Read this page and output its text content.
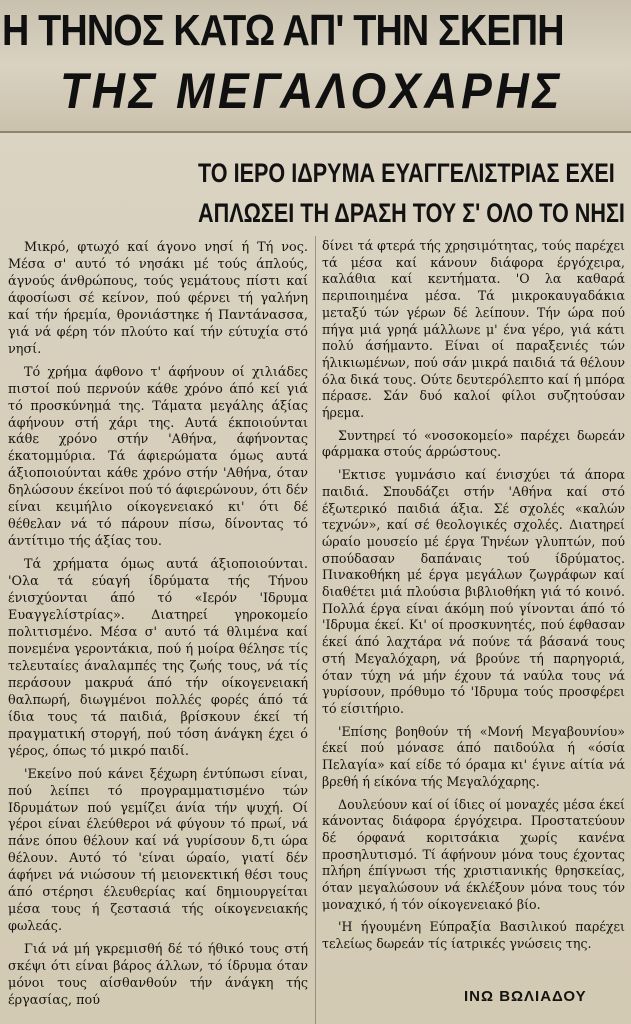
Η ΤΗΝΟΣ ΚΑΤΩ ΑΠ' ΤΗΝ ΣΚΕΠΗ
ΤΗΣ ΜΕΓΑΛΟΧΑΡΗΣ
ΤΟ ΙΕΡΟ ΙΔΡΥΜΑ ΕΥΑΓΓΕΛΙΣΤΡΙΑΣ ΕΧΕΙ
ΑΠΛΩΣΕΙ ΤΗ ΔΡΑΣΗ ΤΟΥ Σ' ΟΛΟ ΤΟ ΝΗΣΙ

Μικρό, φτωχό καί άγονο νησί ή Τή νος. Μέσα σ' αυτό τό νησάκι μέ τούς άπλούς, άγνούς άνθρώπους, τούς γεμάτους πίστι καί άφοσίωσι σέ κείνον, πού φέρνει τή γαλήνη καί τήν ήρεμία, θρονιάστηκε ή Παντάνασσα, γιά νά φέρη τόν πλούτο καί τήν εύτυχία στό νησί.

Τό χρήμα άφθονο τ' άφήνουν οί χιλιάδες πιστοί πού περνούν κάθε χρόνο άπό κεί γιά τό προσκύνημά της. Τάματα μεγάλης άξίας άφήνουν στή χάρι της. Αυτά έκποιούνται κάθε χρόνο στήν 'Αθήνα, άφήνοντας έκατομμύρια. Τά άφιερώματα όμως αυτά άξιοποιούνται κάθε χρόνο στήν 'Αθήνα, όταν δηλώσουν έκείνοι πού τό άφιερώνουν, ότι δέν είναι κειμήλιο οίκογενειακό κι' ότι δέ θέθελαν νά τό πάρουν πίσω, δίνοντας τό άντίτιμο τής άξίας του.

Τά χρήματα όμως αυτά άξιοποιούνται. 'Ολα τά εύαγή ίδρύματα τής Τήνου ένισχύονται άπό τό «Ιερόν 'Ιδρυμα Ευαγγελίστρίας». Διατηρεί γηροκομείο πολιτισμένο. Μέσα σ' αυτό τά θλιμένα καί πονεμένα γεροντάκια, πού ή μοίρα θέλησε τίς τελευταίες άναλαμπές της ζωής τους, νά τίς περάσουν μακρυά άπό τήν οίκογενειακή θαλπωρή, διωγμένοι πολλές φορές άπό τά ίδια τους τά παιδιά, βρίσκουν έκεί τή πραγματική στοργή, πού τόση άνάγκη έχει ό γέρος, όπως τό μικρό παιδί.

'Εκείνο πού κάνει ξέχωρη έντύπωσι είναι, πού λείπει τό προγραμματισμένο τών Ιδρυμάτων πού γεμίζει άνία τήν ψυχή. Οί γέροι είναι έλεύθεροι νά φύγουν τό πρωί, νά πάνε όπου θέλουν καί νά γυρίσουν δ,τι ώρα θέλουν. Αυτό τό 'είναι ώραίο, γιατί δέν άφήνει νά νιώσουν τή μειονεκτική θέσι τους άπό στέρησι έλευθερίας καί δημιουργείται μέσα τους ή ζεστασιά τής οίκογενειακής φωλεάς.

Γιά νά μή γκρεμισθή δέ τό ήθικό τους στή σκέψι ότι είναι βάρος άλλων, τό ίδρυμα όταν μόνοι τους αίσθανθούν τήν άνάγκη τής έργασίας, πού

δίνει τά φτερά τής χρησιμότητας, τούς παρέχει τά μέσα καί κάνουν διάφορα έργόχειρα, καλάθια καί κεντήματα. 'Ο λα καθαρά περιποιημένα μέσα. Τά μικροκαυγαδάκια μεταξύ τών γέρων δέ λείπουν. Τήν ώρα πού πήγα μιά γρηά μάλλωνε μ' ένα γέρο, γιά κάτι πολύ άσήμαντο. Είναι οί παραξενιές τών ήλικιωμένων, πού σάν μικρά παιδιά τά θέλουν όλα δικά τους. Ούτε δευτερόλεπτο καί ή μπόρα πέρασε. Σάν δυό καλοί φίλοι συζητούσαν ήρεμα.

Συντηρεί τό «νοσοκομείο» παρέχει δωρεάν φάρμακα στούς άρρώστους.

'Εκτισε γυμνάσιο καί ένισχύει τά άπορα παιδιά. Σπουδάζει στήν 'Αθήνα καί στό έξωτερικό παιδιά άξια. Σέ σχολές «καλών τεχνών», καί σέ θεολογικές σχολές. Διατηρεί ώραίο μουσείο μέ έργα Τηνέων γλυπτών, πού σπούδασαν δαπάναις τού ίδρύματος. Πινακοθήκη μέ έργα μεγάλων ζωγράφων καί διαθέτει μιά πλούσια βιβλιοθήκη γιά τό κοινό. Πολλά έργα είναι άκόμη πού γίνονται άπό τό 'Ιδρυμα έκεί. Κι' οί προσκυνητές, πού έφθασαν έκεί άπό λαχτάρα νά πούνε τά βάσανά τους στή Μεγαλόχαρη, νά βρούνε τή παρηγοριά, όταν τύχη νά μήν έχουν τά ναύλα τους νά γυρίσουν, πρόθυμο τό 'Ιδρυμα τούς προσφέρει τό είσιτήριο.

'Επίσης βοηθούν τή «Μονή Μεγαβουνίου» έκεί πού μόνασε άπό παιδούλα ή «όσία Πελαγία» καί είδε τό όραμα κι' έγινε αίτία νά βρεθή ή είκόνα τής Μεγαλόχαρης.

Δουλεύουν καί οί ίδιες οί μοναχές μέσα έκεί κάνοντας διάφορα έργόχειρα. Προστατεύουν δέ όρφανά κοριτσάκια χωρίς κανένα προσηλυτισμό. Τί άφήνουν μόνα τους έχοντας πλήρη έπίγνωσι τής χριστιανικής θρησκείας, όταν μεγαλώσουν νά έκλέξουν μόνα τους τόν μοναχικό, ή τόν οίκογενειακό βίο.

'Η ήγουμένη Εύπραξία Βασιλικού παρέχει τελείως δωρεάν τίς ίατρικές γνώσεις της.

ΙΝΩ ΒΩΛΙΑΔΟΥ
